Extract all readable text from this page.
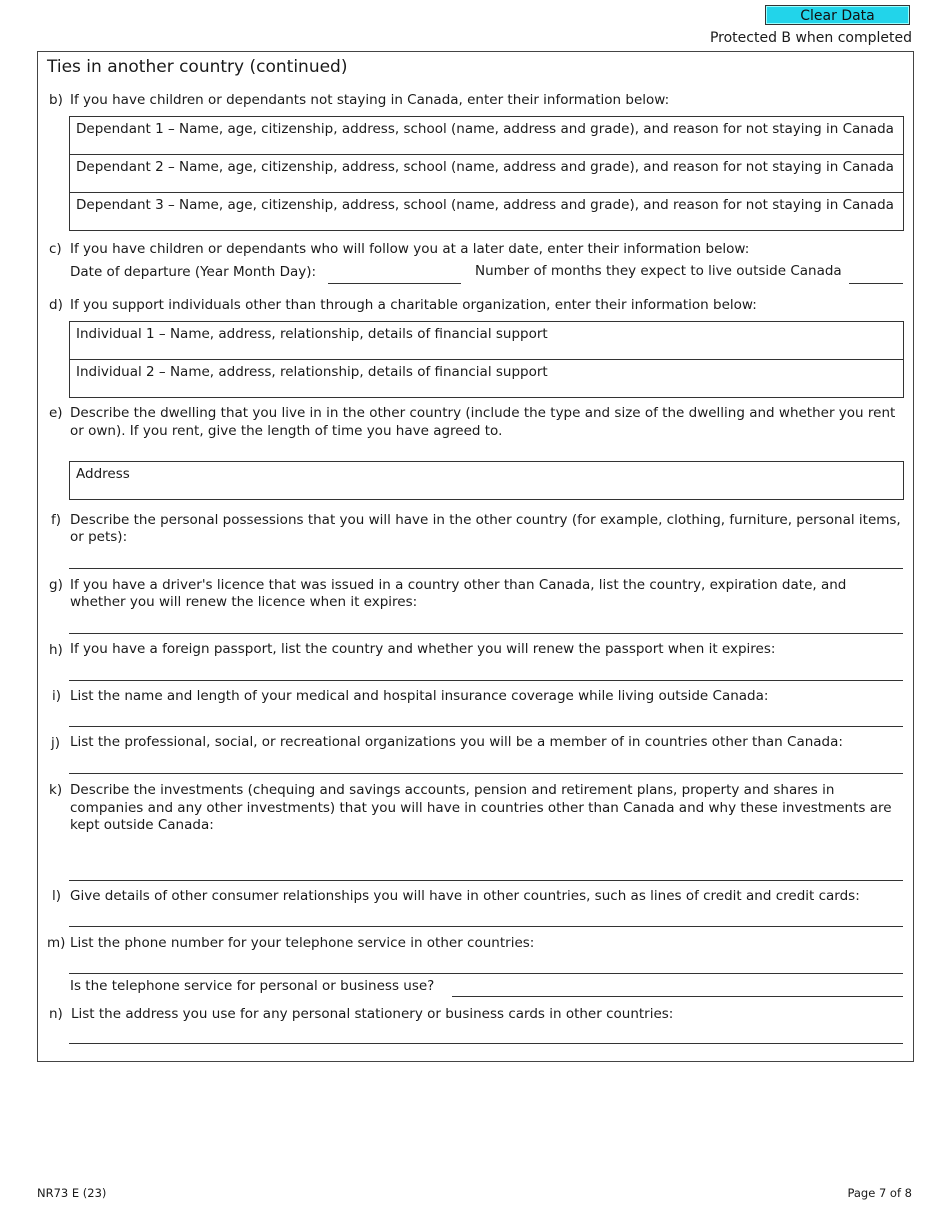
Clear Data
Protected B when completed
Ties in another country (continued)
b) If you have children or dependants not staying in Canada, enter their information below:
Dependant 1 – Name, age, citizenship, address, school (name, address and grade), and reason for not staying in Canada
Dependant 2 – Name, age, citizenship, address, school (name, address and grade), and reason for not staying in Canada
Dependant 3 – Name, age, citizenship, address, school (name, address and grade), and reason for not staying in Canada
c) If you have children or dependants who will follow you at a later date, enter their information below:
Date of departure (Year Month Day):	Number of months they expect to live outside Canada
d) If you support individuals other than through a charitable organization, enter their information below:
Individual 1 – Name, address, relationship, details of financial support
Individual 2 – Name, address, relationship, details of financial support
e) Describe the dwelling that you live in in the other country (include the type and size of the dwelling and whether you rent
or own). If you rent, give the length of time you have agreed to.
Address
f) Describe the personal possessions that you will have in the other country (for example, clothing, furniture, personal items,
or pets):
g) If you have a driver's licence that was issued in a country other than Canada, list the country, expiration date, and
whether you will renew the licence when it expires:
h) If you have a foreign passport, list the country and whether you will renew the passport when it expires:
i) List the name and length of your medical and hospital insurance coverage while living outside Canada:
j) List the professional, social, or recreational organizations you will be a member of in countries other than Canada:
k) Describe the investments (chequing and savings accounts, pension and retirement plans, property and shares in
companies and any other investments) that you will have in countries other than Canada and why these investments are
kept outside Canada:
l) Give details of other consumer relationships you will have in other countries, such as lines of credit and credit cards:
m) List the phone number for your telephone service in other countries:
Is the telephone service for personal or business use?
n) List the address you use for any personal stationery or business cards in other countries:
NR73 E (23)	Page 7 of 8
